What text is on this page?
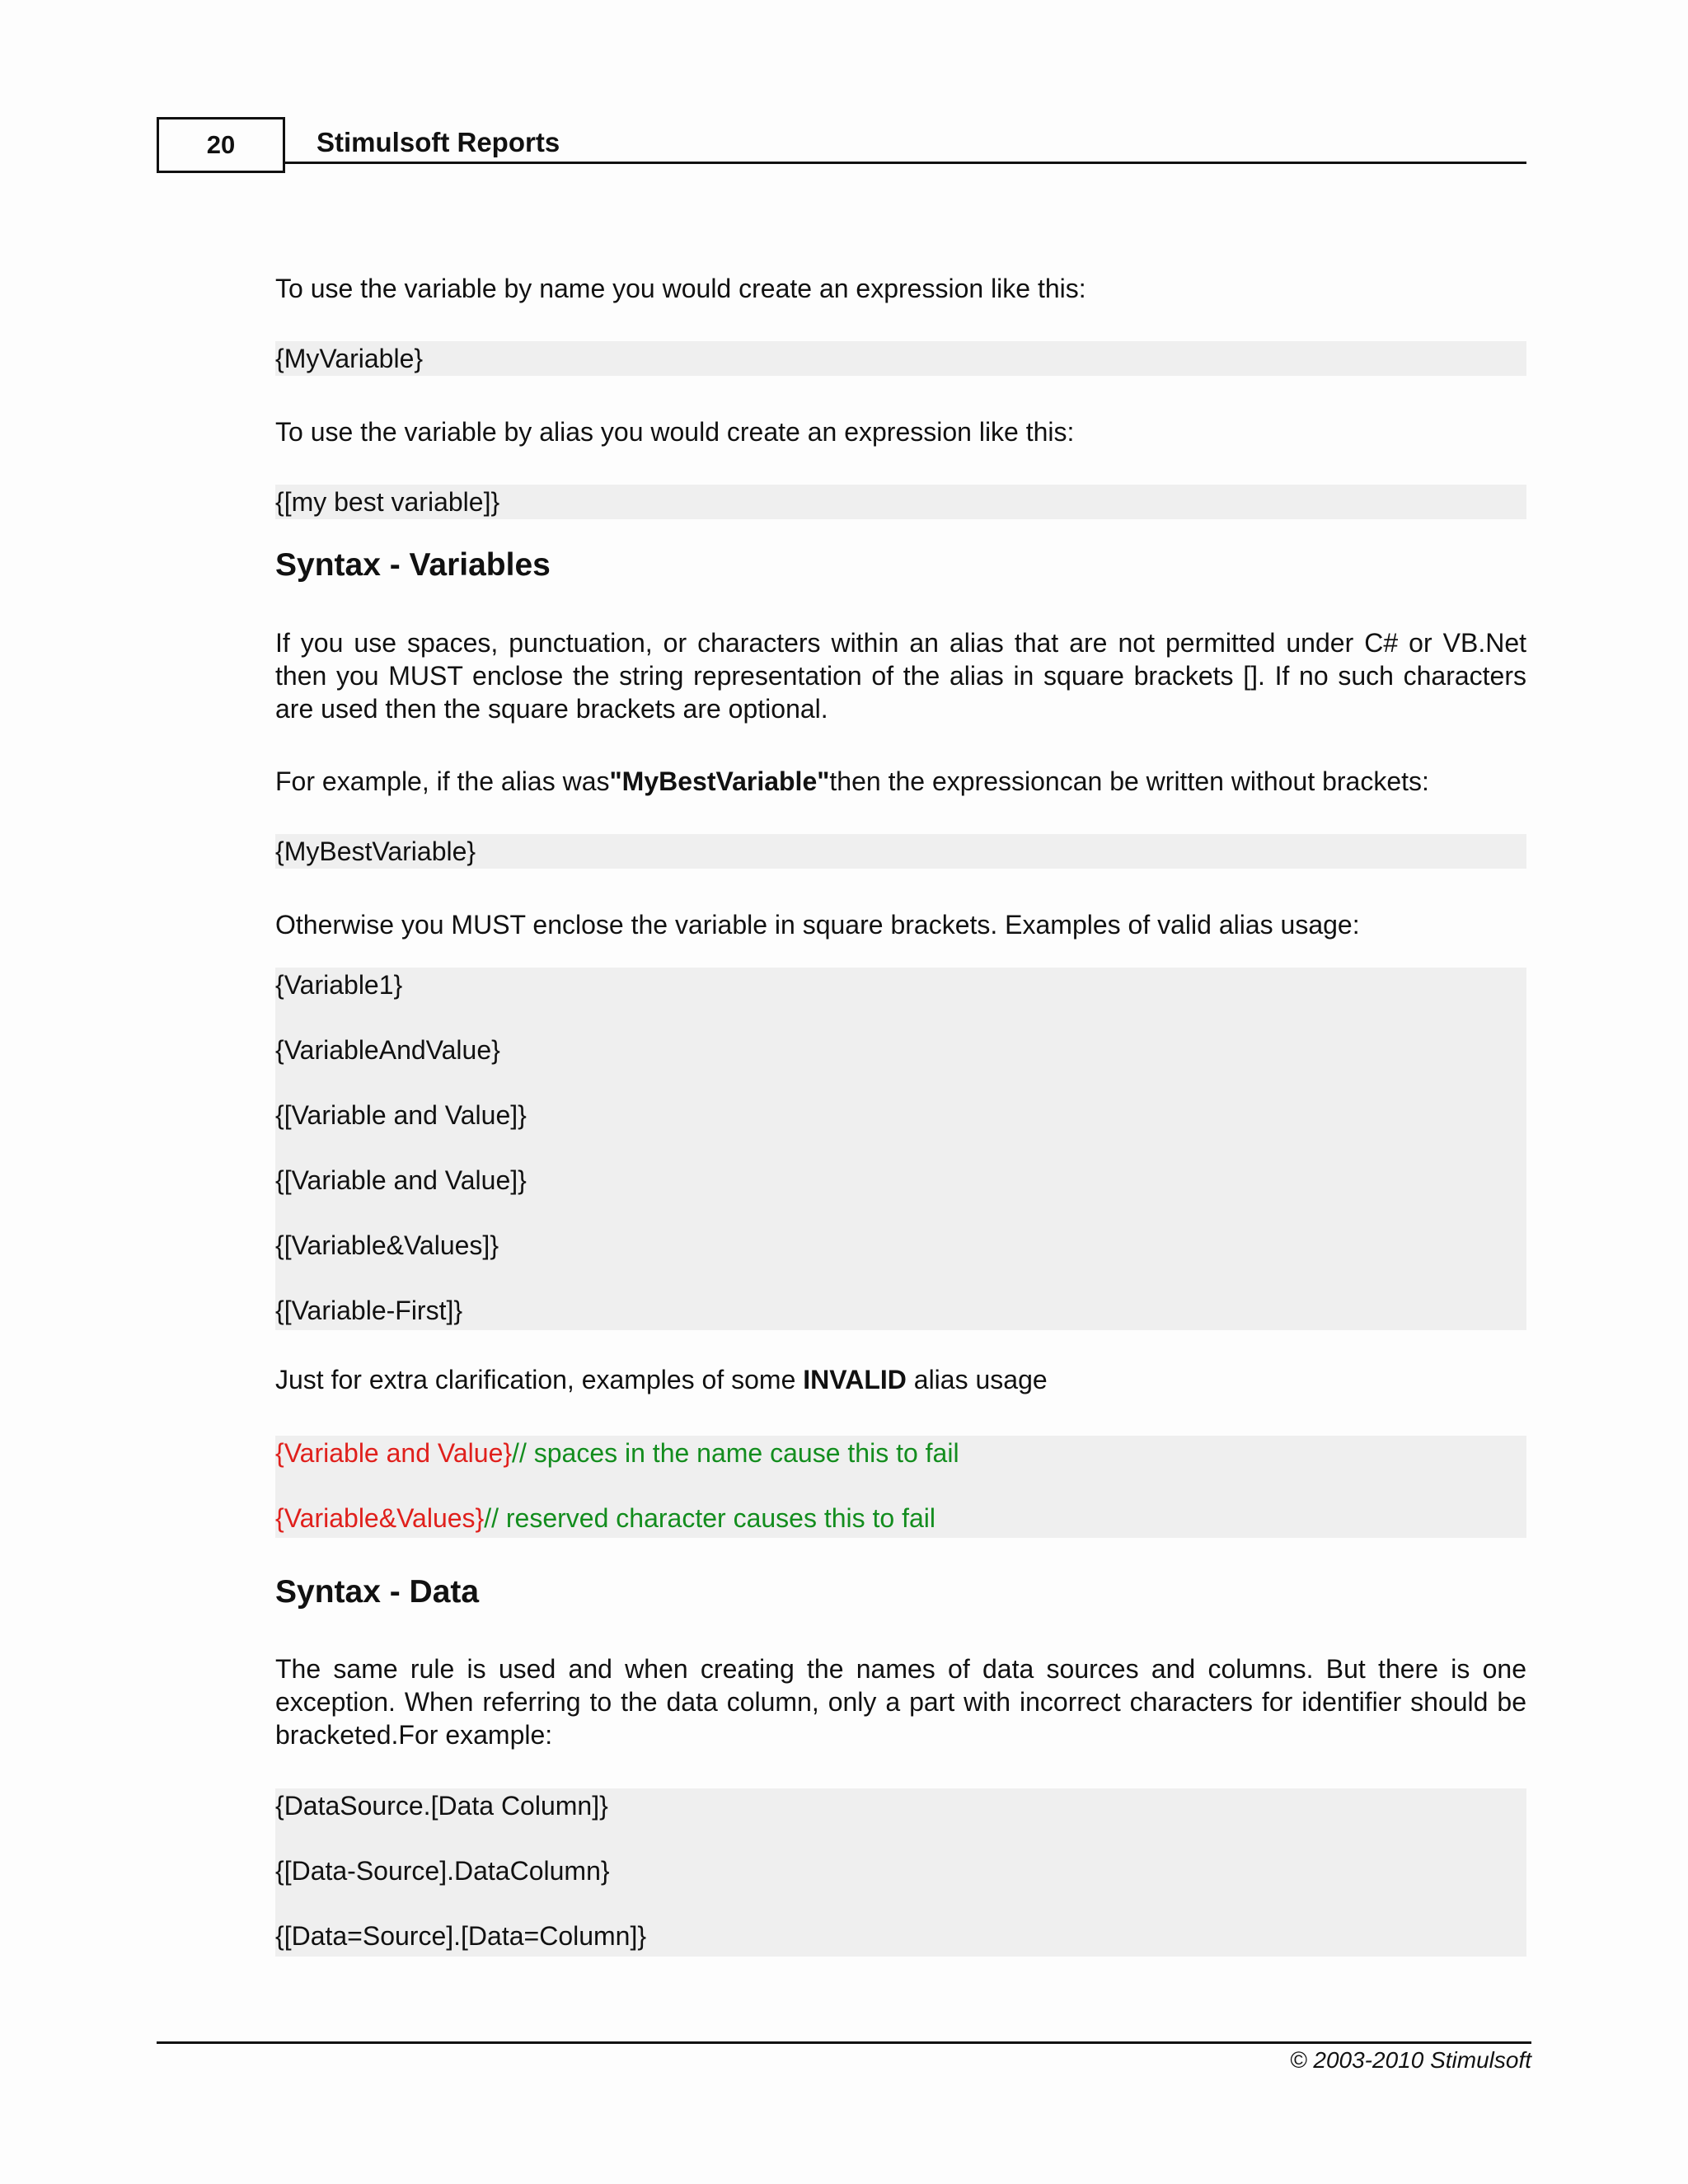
20	Stimulsoft Reports
To use the variable by name you would create an expression like this:
{MyVariable}
To use the variable by alias you would create an expression like this:
{[my best variable]}
Syntax - Variables
If you use spaces, punctuation, or characters within an alias that are not permitted under C# or VB.Net then you MUST enclose the string representation of the alias in square brackets []. If no such characters are used then the square brackets are optional.
For example, if the alias was"MyBestVariable"then the expressioncan be written without brackets:
{MyBestVariable}
Otherwise you MUST enclose the variable in square brackets. Examples of valid alias usage:
{Variable1}
{VariableAndValue}
{[Variable and Value]}
{[Variable and Value]}
{[Variable&Values]}
{[Variable-First]}
Just for extra clarification, examples of some INVALID alias usage
{Variable and Value}// spaces in the name cause this to fail
{Variable&Values}// reserved character causes this to fail
Syntax - Data
The same rule is used and when creating the names of data sources and columns. But there is one exception. When referring to the data column, only a part with incorrect characters for identifier should be bracketed.For example:
{DataSource.[Data Column]}
{[Data-Source].DataColumn}
{[Data=Source].[Data=Column]}
© 2003-2010 Stimulsoft
